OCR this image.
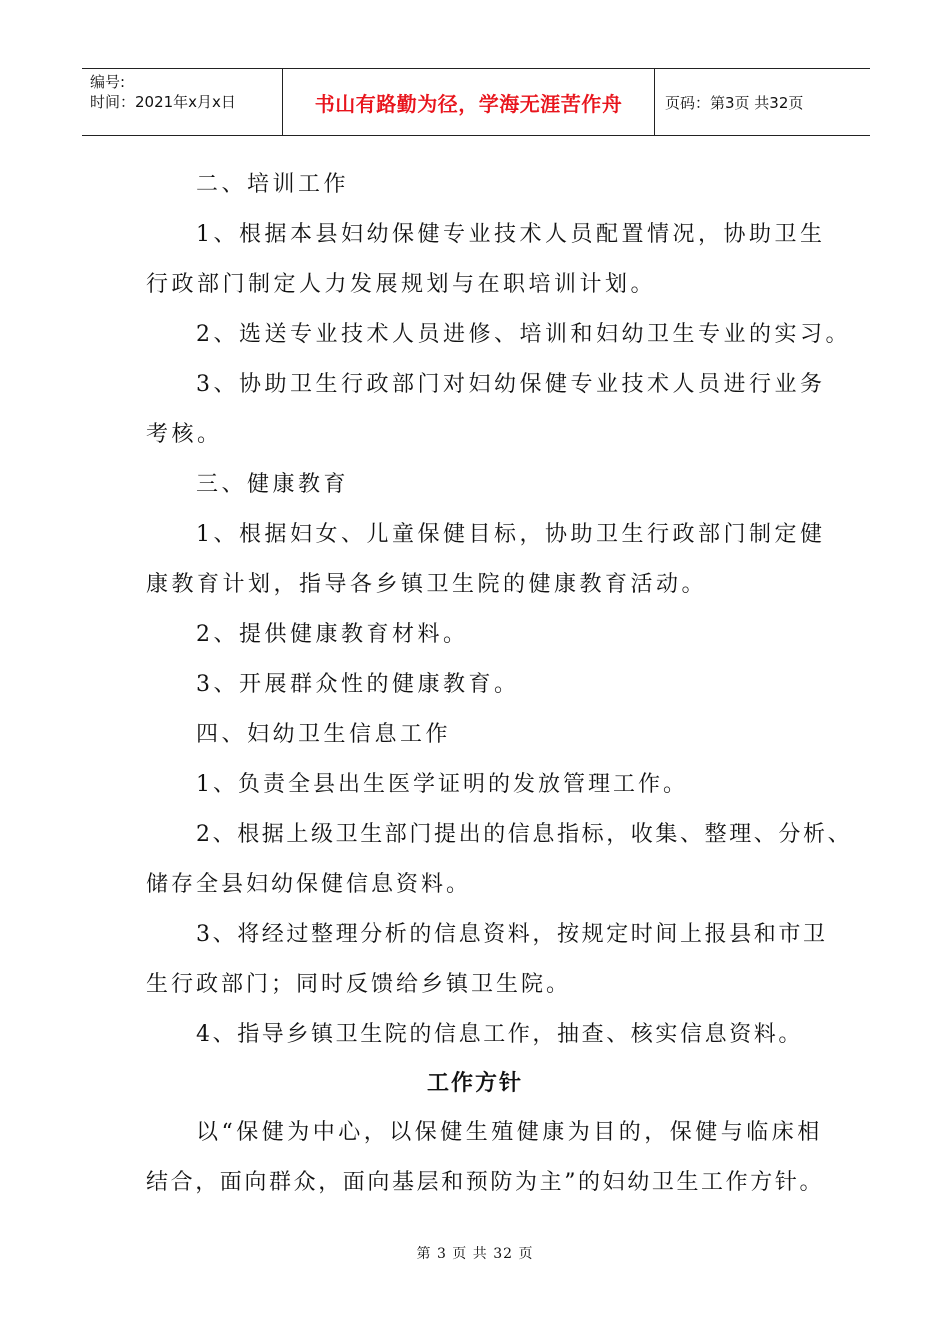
编号:
时间：2021年x月x日	书山有路勤为径，学海无涯苦作舟	页码：第3页 共32页
二、培训工作
1、根据本县妇幼保健专业技术人员配置情况，协助卫生
行政部门制定人力发展规划与在职培训计划。
2、选送专业技术人员进修、培训和妇幼卫生专业的实习。
3、协助卫生行政部门对妇幼保健专业技术人员进行业务
考核。
三、健康教育
1、根据妇女、儿童保健目标，协助卫生行政部门制定健
康教育计划，指导各乡镇卫生院的健康教育活动。
2、提供健康教育材料。
3、开展群众性的健康教育。
四、妇幼卫生信息工作
1、负责全县出生医学证明的发放管理工作。
2、根据上级卫生部门提出的信息指标，收集、整理、分析、
储存全县妇幼保健信息资料。
3、将经过整理分析的信息资料，按规定时间上报县和市卫
生行政部门；同时反馈给乡镇卫生院。
4、指导乡镇卫生院的信息工作，抽查、核实信息资料。
工作方针
以“保健为中心，以保健生殖健康为目的，保健与临床相
结合，面向群众，面向基层和预防为主”的妇幼卫生工作方针。
第 3 页 共 32 页
